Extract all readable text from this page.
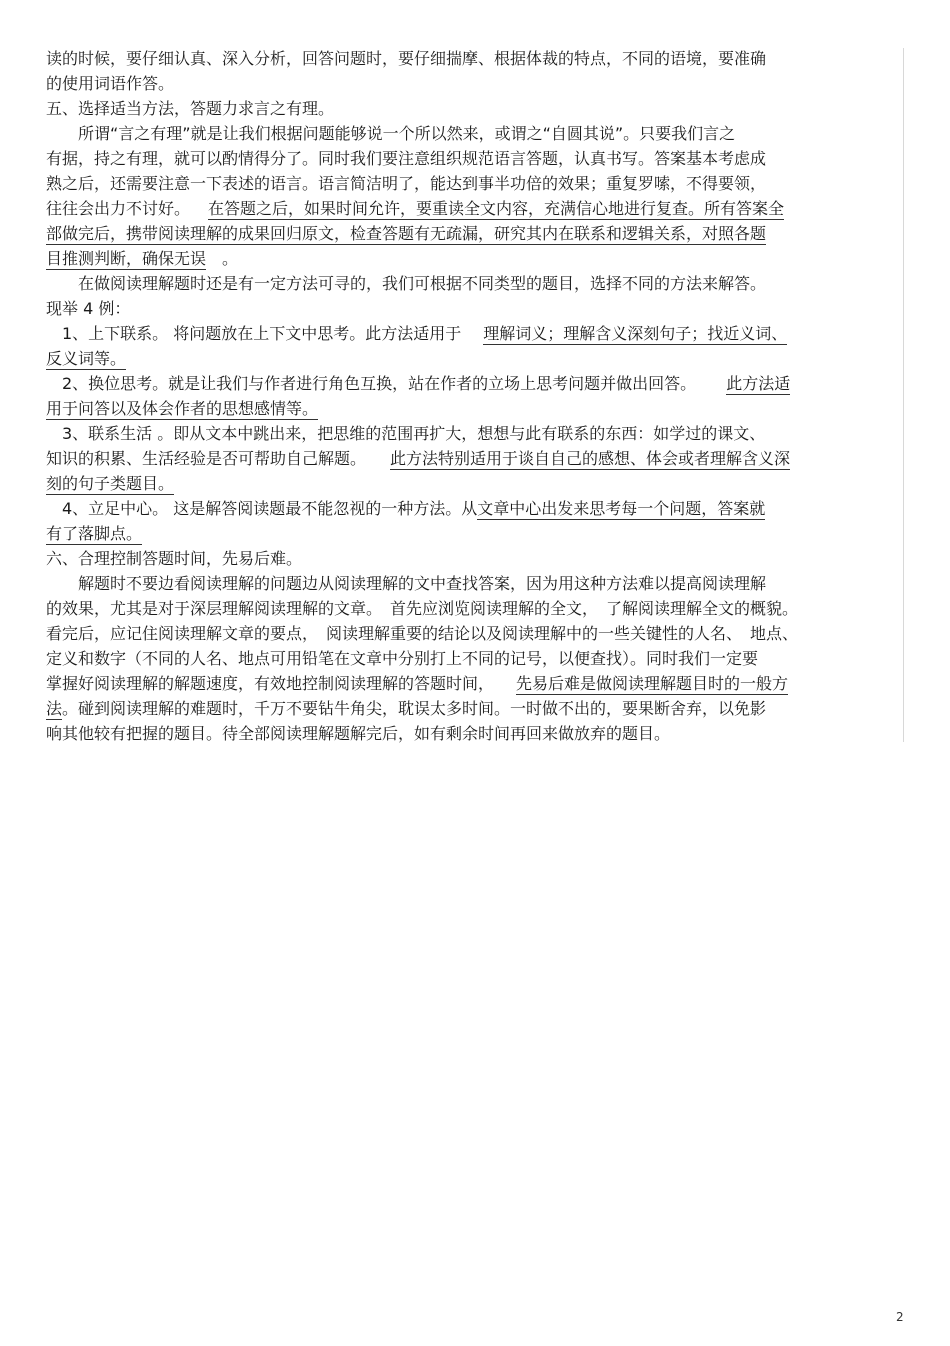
读的时候，要仔细认真、深入分析，回答问题时，要仔细揣摩、根据体裁的特点，不同的语境，要准确
的使用词语作答。
五、选择适当方法，答题力求言之有理。
　　所谓“言之有理”就是让我们根据问题能够说一个所以然来，或谓之“自圆其说”。只要我们言之
有据，持之有理，就可以酌情得分了。同时我们要注意组织规范语言答题，认真书写。答案基本考虑成
熟之后，还需要注意一下表述的语言。语言简洁明了，能达到事半功倍的效果；重复罗嗦，不得要领，
往往会出力不讨好。 在答题之后，如果时间允许，要重读全文内容，充满信心地进行复查。所有答案全
部做完后，携带阅读理解的成果回归原文，检查答题有无疏漏，研究其内在联系和逻辑关系，对照各题
目推测判断，确保无误 。
　　在做阅读理解题时还是有一定方法可寻的，我们可根据不同类型的题目，选择不同的方法来解答。
现举 4 例：
　1、上下联系。 将问题放在上下文中思考。此方法适用于 理解词义；理解含义深刻句子；找近义词、
反义词等。
　2、换位思考。就是让我们与作者进行角色互换，站在作者的立场上思考问题并做出回答。 此方法适
用于问答以及体会作者的思想感情等。
　3、联系生活 。即从文本中跳出来，把思维的范围再扩大，想想与此有联系的东西：如学过的课文、
知识的积累、生活经验是否可帮助自己解题。 此方法特别适用于谈自自己的感想、体会或者理解含义深
刻的句子类题目。
　4、立足中心。 这是解答阅读题最不能忽视的一种方法。从文章中心出发来思考每一个问题，答案就
有了落脚点。
六、合理控制答题时间，先易后难。
　　解题时不要边看阅读理解的问题边从阅读理解的文中查找答案，因为用这种方法难以提高阅读理解
的效果，尤其是对于深层理解阅读理解的文章。　首先应浏览阅读理解的全文，　了解阅读理解全文的概貌。
看完后，应记住阅读理解文章的要点，　阅读理解重要的结论以及阅读理解中的一些关键性的人名、　地点、
定义和数字（不同的人名、地点可用铅笔在文章中分别打上不同的记号，以便查找）。同时我们一定要
掌握好阅读理解的解题速度，有效地控制阅读理解的答题时间， 先易后难是做阅读理解题目时的一般方
法。碰到阅读理解的难题时，千万不要钻牛角尖，耽误太多时间。一时做不出的，要果断舍弃，以免影
响其他较有把握的题目。待全部阅读理解题解完后，如有剩余时间再回来做放弃的题目。
2
